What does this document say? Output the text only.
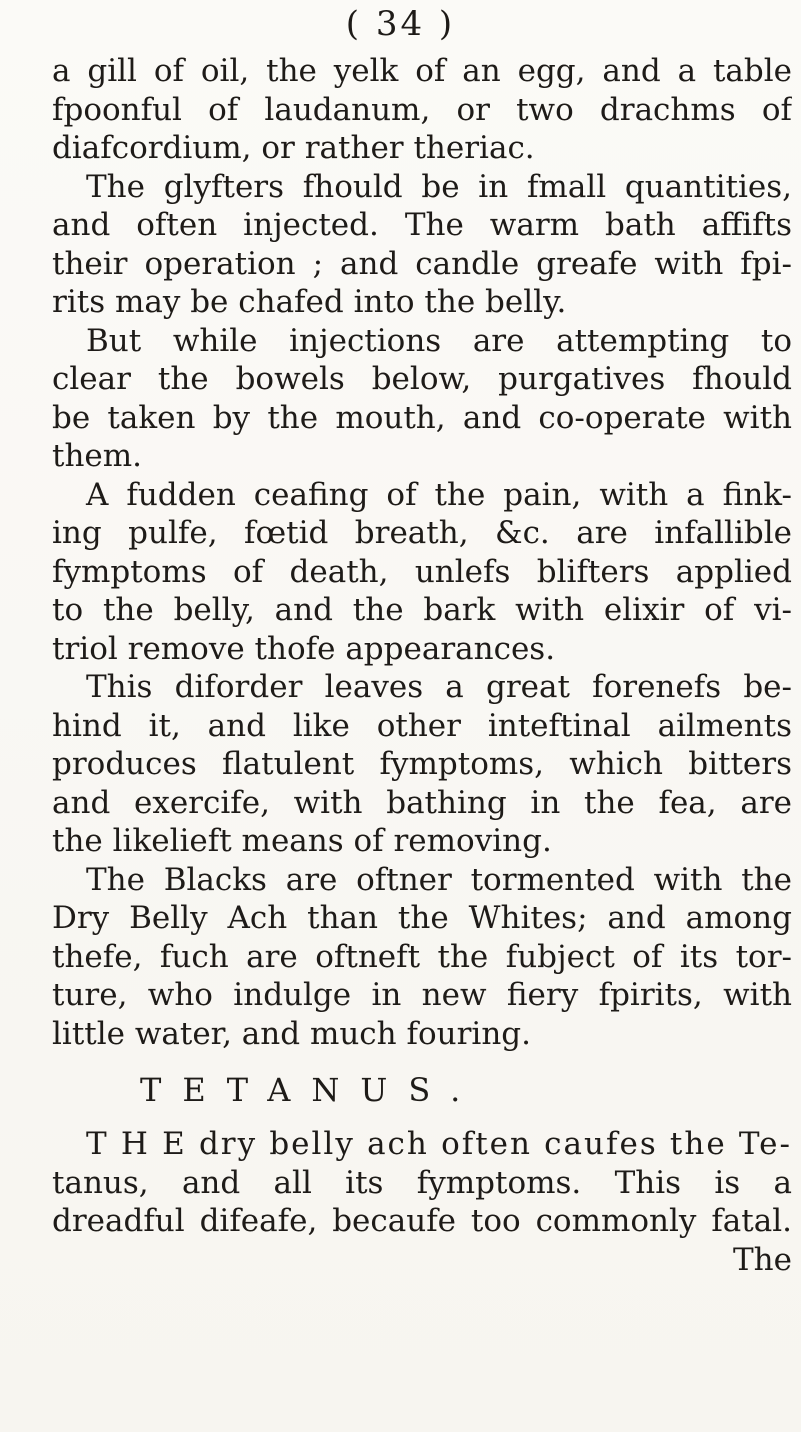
( 34 )
a gill of oil, the yelk of an egg, and a table
fpoonful of laudanum, or two drachms of
diafcordium, or rather theriac.
The glyfters fhould be in fmall quantities,
and often injected. The warm bath affifts
their operation ; and candle greafe with fpi-
rits may be chafed into the belly.
But while injections are attempting to
clear the bowels below, purgatives fhould
be taken by the mouth, and co-operate with
them.
A fudden ceafing of the pain, with a fink-
ing pulfe, fœtid breath, &c. are infallible
fymptoms of death, unlefs blifters applied
to the belly, and the bark with elixir of vi-
triol remove thofe appearances.
This diforder leaves a great forenefs be-
hind it, and like other inteftinal ailments
produces flatulent fymptoms, which bitters
and exercife, with bathing in the fea, are
the likelieft means of removing.
The Blacks are oftner tormented with the
Dry Belly Ach than the Whites; and among
thefe, fuch are oftneft the fubject of its tor-
ture, who indulge in new fiery fpirits, with
little water, and much fouring.
TETANUS.
T H E dry belly ach often caufes the Te-
tanus, and all its fymptoms. This is a
dreadful difeafe, becaufe too commonly fatal.
The
